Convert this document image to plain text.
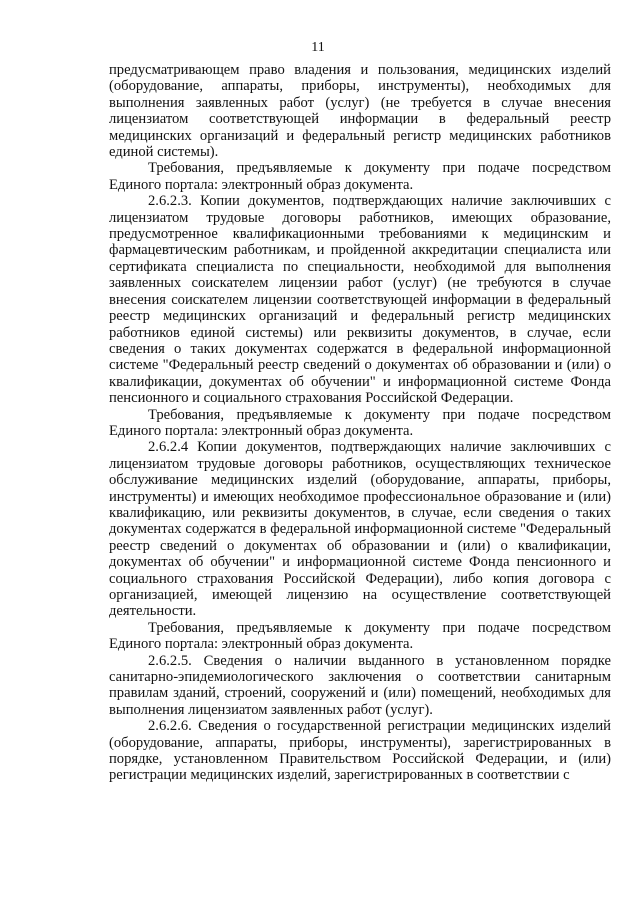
11

предусматривающем право владения и пользования, медицинских изделий (оборудование, аппараты, приборы, инструменты), необходимых для выполнения заявленных работ (услуг) (не требуется в случае внесения лицензиатом соответствующей информации в федеральный реестр медицинских организаций и федеральный регистр медицинских работников единой системы).

Требования, предъявляемые к документу при подаче посредством Единого портала: электронный образ документа.

2.6.2.3. Копии документов, подтверждающих наличие заключивших с лицензиатом трудовые договоры работников, имеющих образование, предусмотренное квалификационными требованиями к медицинским и фармацевтическим работникам, и пройденной аккредитации специалиста или сертификата специалиста по специальности, необходимой для выполнения заявленных соискателем лицензии работ (услуг) (не требуются в случае внесения соискателем лицензии соответствующей информации в федеральный реестр медицинских организаций и федеральный регистр медицинских работников единой системы) или реквизиты документов, в случае, если сведения о таких документах содержатся в федеральной информационной системе "Федеральный реестр сведений о документах об образовании и (или) о квалификации, документах об обучении" и информационной системе Фонда пенсионного и социального страхования Российской Федерации.

Требования, предъявляемые к документу при подаче посредством Единого портала: электронный образ документа.

2.6.2.4 Копии документов, подтверждающих наличие заключивших с лицензиатом трудовые договоры работников, осуществляющих техническое обслуживание медицинских изделий (оборудование, аппараты, приборы, инструменты) и имеющих необходимое профессиональное образование и (или) квалификацию, или реквизиты документов, в случае, если сведения о таких документах содержатся в федеральной информационной системе "Федеральный реестр сведений о документах об образовании и (или) о квалификации, документах об обучении" и информационной системе Фонда пенсионного и социального страхования Российской Федерации), либо копия договора с организацией, имеющей лицензию на осуществление соответствующей деятельности.

Требования, предъявляемые к документу при подаче посредством Единого портала: электронный образ документа.

2.6.2.5. Сведения о наличии выданного в установленном порядке санитарно-эпидемиологического заключения о соответствии санитарным правилам зданий, строений, сооружений и (или) помещений, необходимых для выполнения лицензиатом заявленных работ (услуг).

2.6.2.6. Сведения о государственной регистрации медицинских изделий (оборудование, аппараты, приборы, инструменты), зарегистрированных в порядке, установленном Правительством Российской Федерации, и (или) регистрации медицинских изделий, зарегистрированных в соответствии с
